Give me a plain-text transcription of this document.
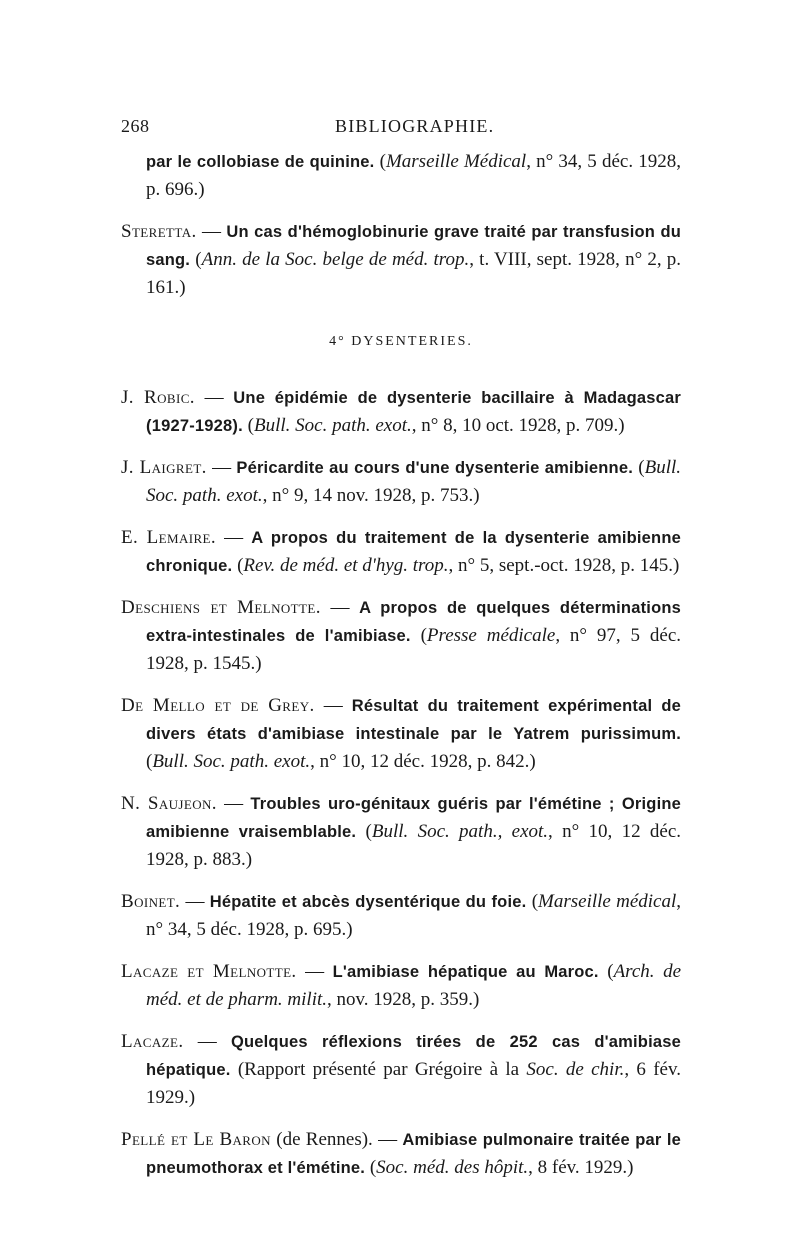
268	BIBLIOGRAPHIE.

par le collobiase de quinine. (Marseille Médical, n° 34, 5 déc. 1928, p. 696.)

Steretta. — Un cas d'hémoglobinurie grave traité par transfusion du sang. (Ann. de la Soc. belge de méd. trop., t. VIII, sept. 1928, n° 2, p. 161.)

4° DYSENTERIES.

J. Robic. — Une épidémie de dysenterie bacillaire à Madagascar (1927-1928). (Bull. Soc. path. exot., n° 8, 10 oct. 1928, p. 709.)

J. Laigret. — Péricardite au cours d'une dysenterie amibienne. (Bull. Soc. path. exot., n° 9, 14 nov. 1928, p. 753.)

E. Lemaire. — A propos du traitement de la dysenterie amibienne chronique. (Rev. de méd. et d'hyg. trop., n° 5, sept.-oct. 1928, p. 145.)

Deschiens et Melnotte. — A propos de quelques déterminations extra-intestinales de l'amibiase. (Presse médicale, n° 97, 5 déc. 1928, p. 1545.)

De Mello et de Grey. — Résultat du traitement expérimental de divers états d'amibiase intestinale par le Yatrem purissimum. (Bull. Soc. path. exot., n° 10, 12 déc. 1928, p. 842.)

N. Saujeon. — Troubles uro-génitaux guéris par l'émétine ; Origine amibienne vraisemblable. (Bull. Soc. path., exot., n° 10, 12 déc. 1928, p. 883.)

Boinet. — Hépatite et abcès dysentérique du foie. (Marseille médical, n° 34, 5 déc. 1928, p. 695.)

Lacaze et Melnotte. — L'amibiase hépatique au Maroc. (Arch. de méd. et de pharm. milit., nov. 1928, p. 359.)

Lacaze. — Quelques réflexions tirées de 252 cas d'amibiase hépatique. (Rapport présenté par Grégoire à la Soc. de chir., 6 fév. 1929.)

Pellé et Le Baron (de Rennes). — Amibiase pulmonaire traitée par le pneumothorax et l'émétine. (Soc. méd. des hôpit., 8 fév. 1929.)
